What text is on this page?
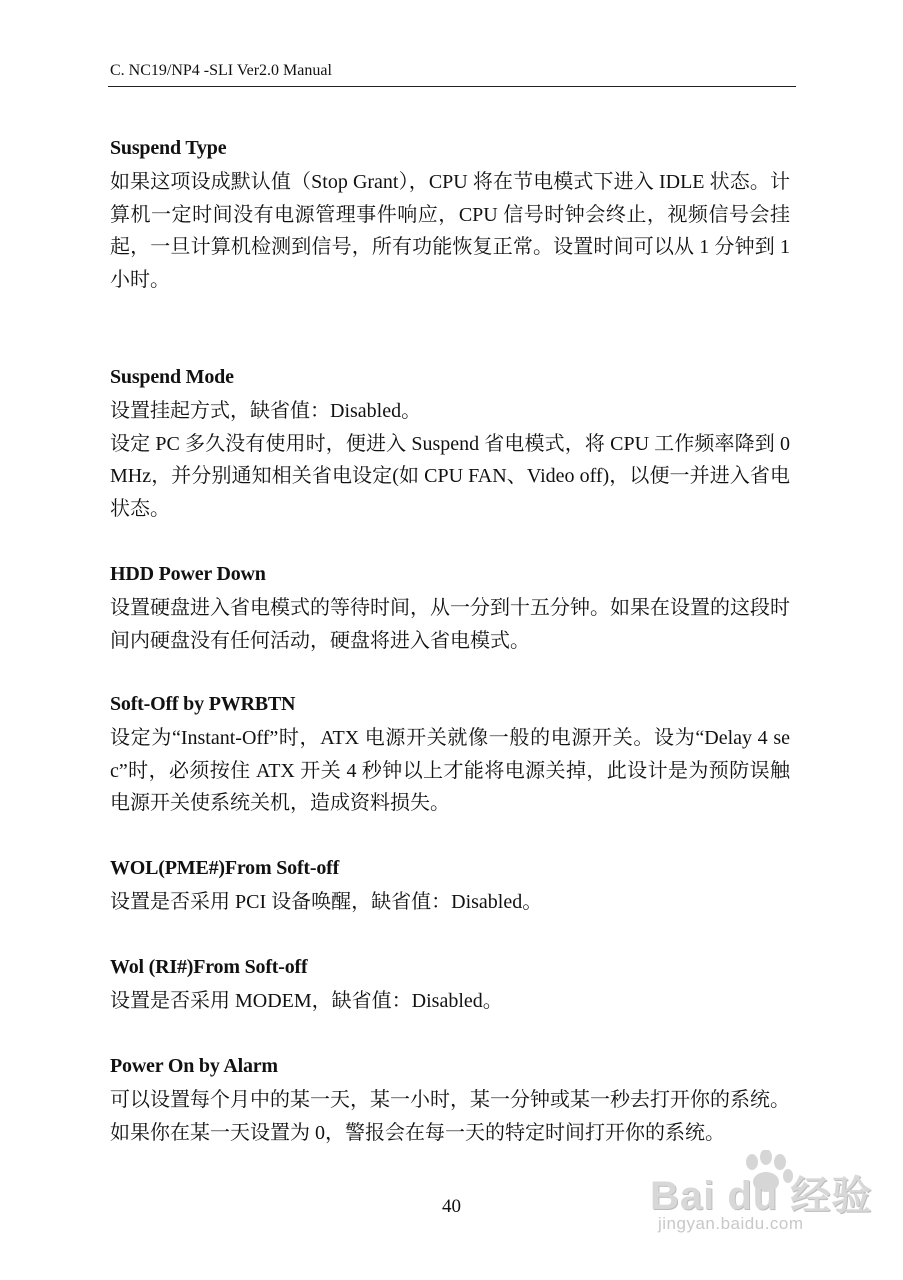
C. NC19/NP4 -SLI Ver2.0 Manual
Suspend Type

如果这项设成默认值（Stop Grant），CPU 将在节电模式下进入 IDLE 状态。计算机一定时间没有电源管理事件响应，CPU 信号时钟会终止，视频信号会挂起，一旦计算机检测到信号，所有功能恢复正常。设置时间可以从 1 分钟到 1 小时。

Suspend Mode

设置挂起方式，缺省值：Disabled。

设定 PC 多久没有使用时，便进入 Suspend 省电模式，将 CPU 工作频率降到 0 MHz，并分别通知相关省电设定(如 CPU FAN、Video off)，以便一并进入省电状态。

HDD Power Down

设置硬盘进入省电模式的等待时间，从一分到十五分钟。如果在设置的这段时间内硬盘没有任何活动，硬盘将进入省电模式。

Soft-Off by PWRBTN

设定为“Instant-Off”时，ATX 电源开关就像一般的电源开关。设为“Delay 4 sec”时，必须按住 ATX 开关 4 秒钟以上才能将电源关掉，此设计是为预防误触电源开关使系统关机，造成资料损失。

WOL(PME#)From Soft-off

设置是否采用 PCI 设备唤醒，缺省值：Disabled。

Wol (RI#)From Soft-off

设置是否采用 MODEM，缺省值：Disabled。

Power On by Alarm

可以设置每个月中的某一天，某一小时，某一分钟或某一秒去打开你的系统。如果你在某一天设置为 0，警报会在每一天的特定时间打开你的系统。

40	Bai du 经验
jingyan.baidu.com
